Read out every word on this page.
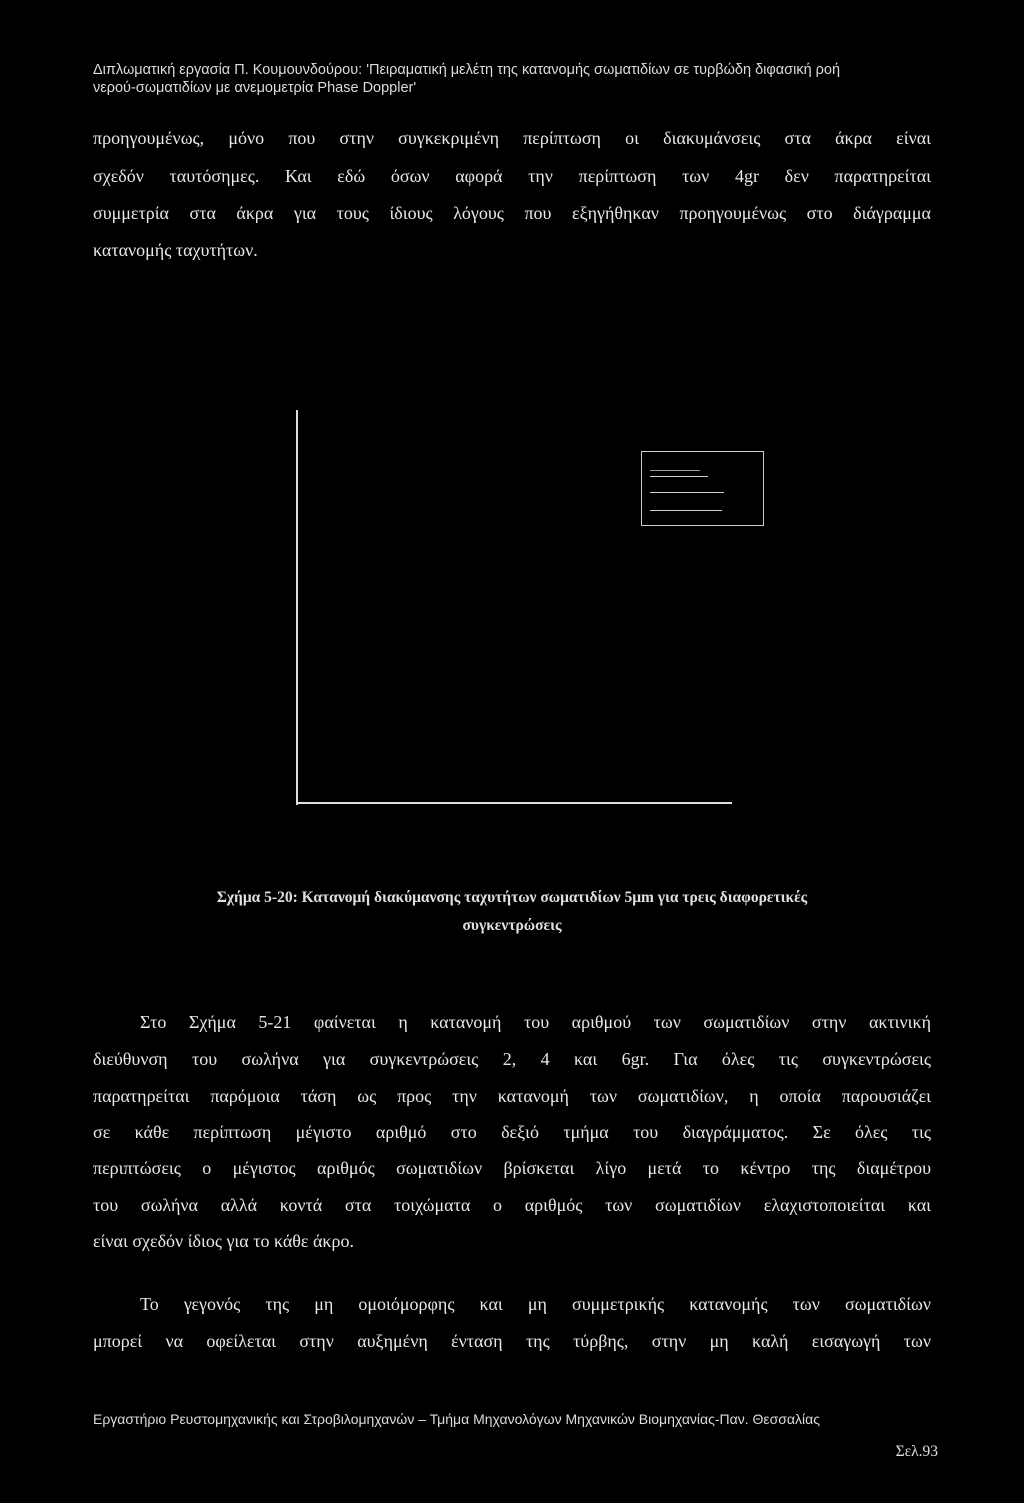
Διπλωματική εργασία Π. Κουμουνδούρου: 'Πειραματική μελέτη της κατανομής σωματιδίων σε τυρβώδη διφασική ροή
νερού-σωματιδίων με ανεμομετρία Phase Doppler'
προηγουμένως, μόνο που στην συγκεκριμένη περίπτωση οι διακυμάνσεις στα άκρα είναι
σχεδόν ταυτόσημες. Και εδώ όσων αφορά την περίπτωση των 4gr δεν παρατηρείται
συμμετρία στα άκρα για τους ίδιους λόγους που εξηγήθηκαν προηγουμένως στο διάγραμμα
κατανομής ταχυτήτων.
Σχήμα 5-20: Κατανομή διακύμανσης ταχυτήτων σωματιδίων 5μm για τρεις διαφορετικές
συγκεντρώσεις
Στο Σχήμα 5-21 φαίνεται η κατανομή του αριθμού των σωματιδίων στην ακτινική
διεύθυνση του σωλήνα για συγκεντρώσεις 2, 4 και 6gr. Για όλες τις συγκεντρώσεις
παρατηρείται παρόμοια τάση ως προς την κατανομή των σωματιδίων, η οποία παρουσιάζει
σε κάθε περίπτωση μέγιστο αριθμό στο δεξιό τμήμα του διαγράμματος. Σε όλες τις
περιπτώσεις ο μέγιστος αριθμός σωματιδίων βρίσκεται λίγο μετά το κέντρο της διαμέτρου
του σωλήνα αλλά κοντά στα τοιχώματα ο αριθμός των σωματιδίων ελαχιστοποιείται και
είναι σχεδόν ίδιος για το κάθε άκρο.
Το γεγονός της μη ομοιόμορφης και μη συμμετρικής κατανομής των σωματιδίων
μπορεί να οφείλεται στην αυξημένη ένταση της τύρβης, στην μη καλή εισαγωγή των
Εργαστήριο Ρευστομηχανικής και Στροβιλομηχανών – Τμήμα Μηχανολόγων Μηχανικών Βιομηχανίας-Παν. Θεσσαλίας
Σελ.93
